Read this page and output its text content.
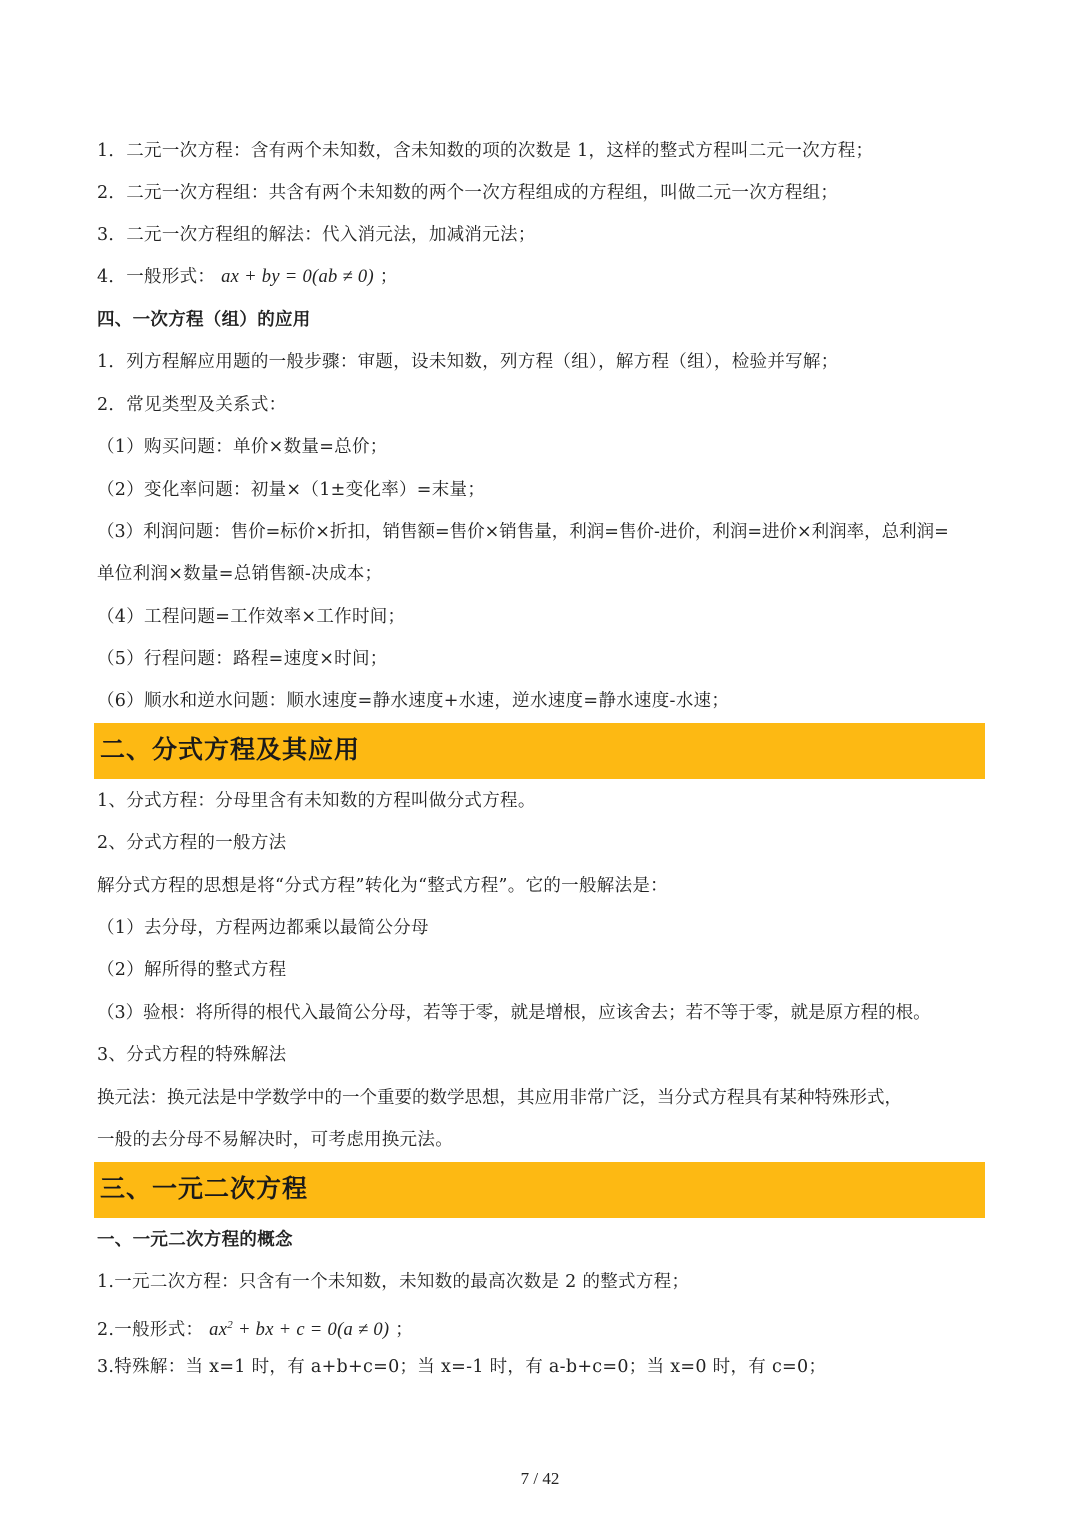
1．二元一次方程：含有两个未知数，含未知数的项的次数是 1，这样的整式方程叫二元一次方程；
2．二元一次方程组：共含有两个未知数的两个一次方程组成的方程组，叫做二元一次方程组；
3．二元一次方程组的解法：代入消元法，加减消元法；
4．一般形式： ax + by = 0(ab ≠ 0) ；
四、一次方程（组）的应用
1．列方程解应用题的一般步骤：审题，设未知数，列方程（组），解方程（组），检验并写解；
2．常见类型及关系式：
（1）购买问题：单价×数量=总价；
（2）变化率问题：初量×（1±变化率）=末量；
（3）利润问题：售价=标价×折扣，销售额=售价×销售量，利润=售价-进价，利润=进价×利润率，总利润=
单位利润×数量=总销售额-决成本；
（4）工程问题=工作效率×工作时间；
（5）行程问题：路程=速度×时间；
（6）顺水和逆水问题：顺水速度=静水速度+水速，逆水速度=静水速度-水速；
二、分式方程及其应用
1、分式方程：分母里含有未知数的方程叫做分式方程。
2、分式方程的一般方法
解分式方程的思想是将“分式方程”转化为“整式方程”。它的一般解法是：
（1）去分母，方程两边都乘以最简公分母
（2）解所得的整式方程
（3）验根：将所得的根代入最简公分母，若等于零，就是增根，应该舍去；若不等于零，就是原方程的根。
3、分式方程的特殊解法
换元法：换元法是中学数学中的一个重要的数学思想，其应用非常广泛，当分式方程具有某种特殊形式，
一般的去分母不易解决时，可考虑用换元法。
三、一元二次方程
一、一元二次方程的概念
1.一元二次方程：只含有一个未知数，未知数的最高次数是 2 的整式方程；
2.一般形式： $ax^2$ + bx + c = 0(a ≠ 0) ；
3.特殊解：当 x=1 时，有 a+b+c=0；当 x=-1 时，有 a-b+c=0；当 x=0 时，有 c=0；
7 / 42
